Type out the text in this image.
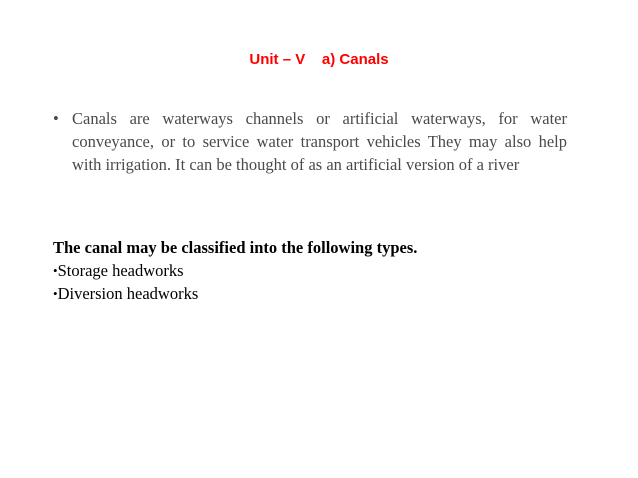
Unit – V    a) Canals
• Canals are waterways channels or artificial waterways, for water conveyance, or to service water transport vehicles They may also help with irrigation. It can be thought of as an artificial version of a river
The canal may be classified into the following types.
•Storage headworks
•Diversion headworks
